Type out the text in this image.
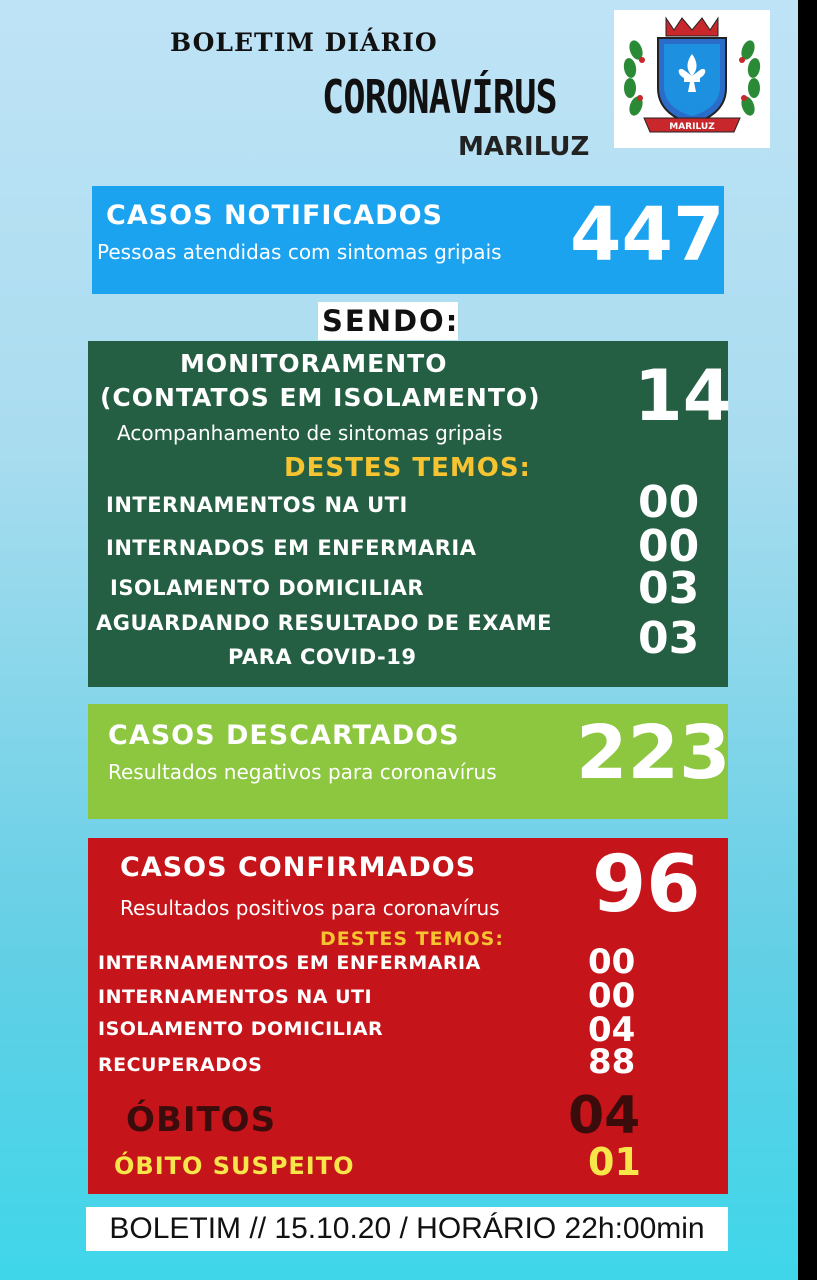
BOLETIM DIÁRIO
CORONAVÍRUS
MARILUZ
MARILUZ
CASOS NOTIFICADOS
Pessoas atendidas com sintomas gripais 447
SENDO:
MONITORAMENTO
(CONTATOS EM ISOLAMENTO)
Acompanhamento de sintomas gripais 14
DESTES TEMOS:
INTERNAMENTOS NA UTI	00
INTERNADOS EM ENFERMARIA	00
ISOLAMENTO DOMICILIAR	03
AGUARDANDO RESULTADO DE EXAME
PARA COVID-19	03
CASOS DESCARTADOS
Resultados negativos para coronavírus 223
CASOS CONFIRMADOS
Resultados positivos para coronavírus 96
DESTES TEMOS:
INTERNAMENTOS EM ENFERMARIA	00
INTERNAMENTOS NA UTI	00
ISOLAMENTO DOMICILIAR	04
RECUPERADOS	88
ÓBITOS	04
ÓBITO SUSPEITO	01
BOLETIM // 15.10.20 / HORÁRIO 22h:00min
